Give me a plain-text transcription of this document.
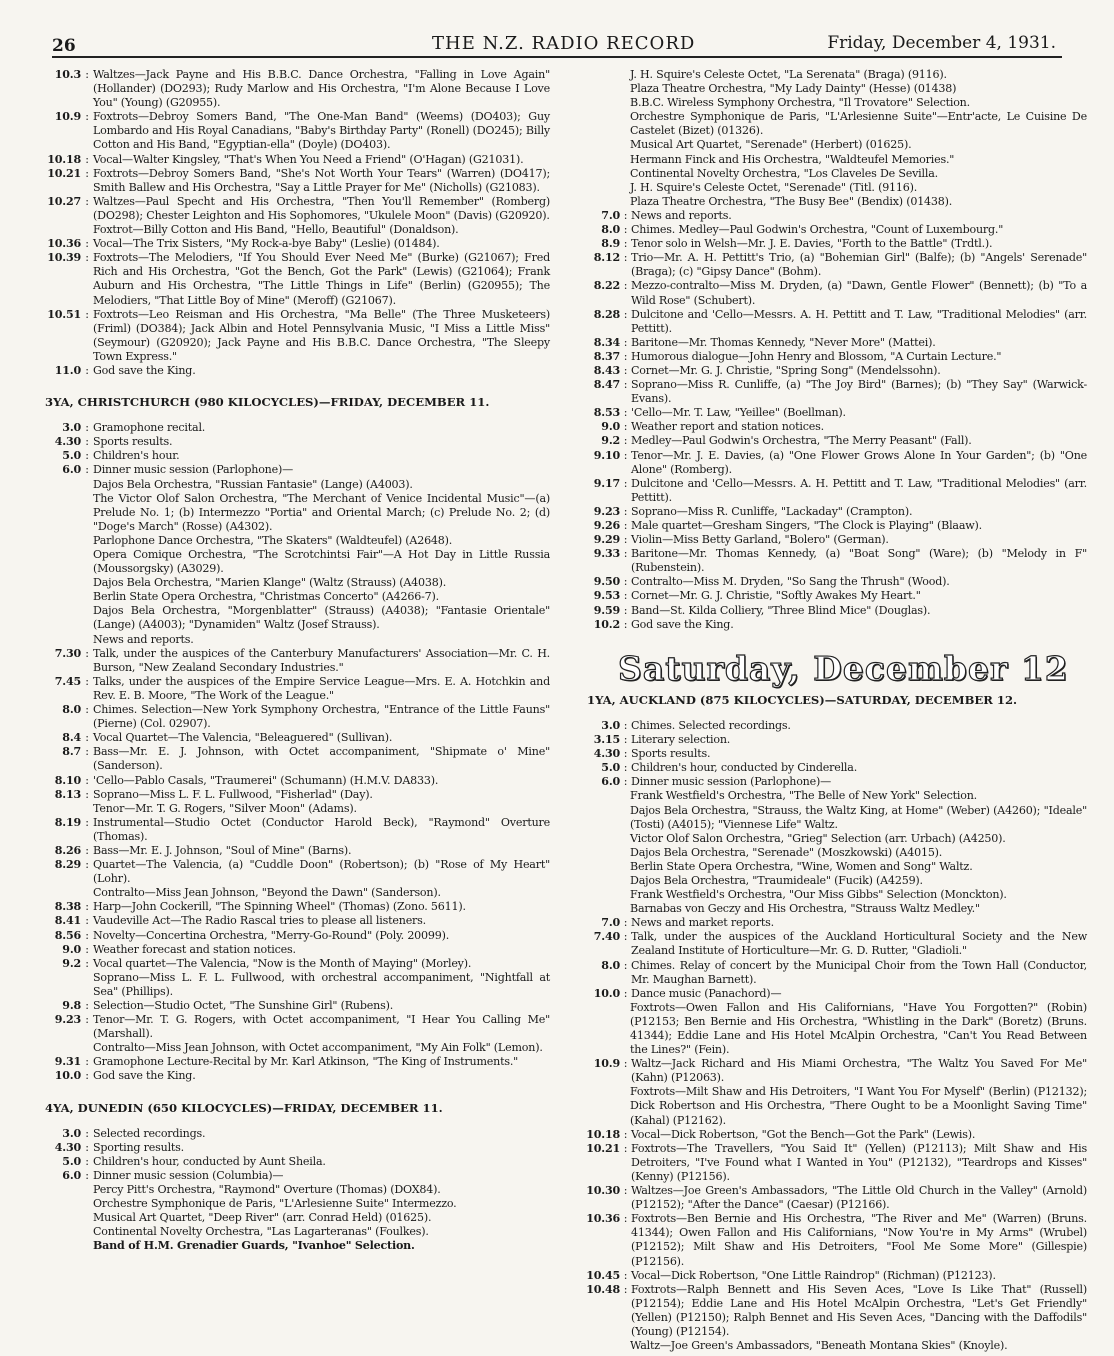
26	THE N.Z. RADIO RECORD	Friday, December 4, 1931.
10.3 : Waltzes—Jack Payne and His B.B.C. Dance Orchestra, "Falling in Love Again" (Hollander) (DO293); Rudy Marlow and His Orchestra, "I'm Alone Because I Love You" (Young) (G20955).
10.9 : Foxtrots—Debroy Somers Band, "The One-Man Band" (Weems) (DO403); Guy Lombardo and His Royal Canadians, "Baby's Birthday Party" (Ronell) (DO245); Billy Cotton and His Band, "Egyptian-ella" (Doyle) (DO403).
10.18 : Vocal—Walter Kingsley, "That's When You Need a Friend" (O'Hagan) (G21031).
10.21 : Foxtrots—Debroy Somers Band, "She's Not Worth Your Tears" (Warren) (DO417); Smith Ballew and His Orchestra, "Say a Little Prayer for Me" (Nicholls) (G21083).
10.27 : Waltzes—Paul Specht and His Orchestra, "Then You'll Remember" (Romberg) (DO298); Chester Leighton and His Sophomores, "Ukulele Moon" (Davis) (G20920).
Foxtrot—Billy Cotton and His Band, "Hello, Beautiful" (Donaldson).
10.36 : Vocal—The Trix Sisters, "My Rock-a-bye Baby" (Leslie) (01484).
10.39 : Foxtrots—The Melodiers, "If You Should Ever Need Me" (Burke) (G21067); Fred Rich and His Orchestra, "Got the Bench, Got the Park" (Lewis) (G21064); Frank Auburn and His Orchestra, "The Little Things in Life" (Berlin) (G20955); The Melodiers, "That Little Boy of Mine" (Meroff) (G21067).
10.51 : Foxtrots—Leo Reisman and His Orchestra, "Ma Belle" (The Three Musketeers) (Friml) (DO384); Jack Albin and Hotel Pennsylvania Music, "I Miss a Little Miss" (Seymour) (G20920); Jack Payne and His B.B.C. Dance Orchestra, "The Sleepy Town Express."
11.0 : God save the King.
3YA, CHRISTCHURCH (980 KILOCYCLES)—FRIDAY, DECEMBER 11.
3.0 : Gramophone recital.
4.30 : Sports results.
5.0 : Children's hour.
6.0 : Dinner music session (Parlophone)—
Dajos Bela Orchestra, "Russian Fantasie" (Lange) (A4003).
The Victor Olof Salon Orchestra, "The Merchant of Venice Incidental Music"—(a) Prelude No. 1; (b) Intermezzo "Portia" and Oriental March; (c) Prelude No. 2; (d) "Doge's March" (Rosse) (A4302).
Parlophone Dance Orchestra, "The Skaters" (Waldteufel) (A2648).
Opera Comique Orchestra, "The Scrotchintsi Fair"—A Hot Day in Little Russia (Moussorgsky) (A3029).
Dajos Bela Orchestra, "Marien Klange" (Waltz (Strauss) (A4038).
Berlin State Opera Orchestra, "Christmas Concerto" (A4266-7).
Dajos Bela Orchestra, "Morgenblatter" (Strauss) (A4038); "Fantasie Orientale" (Lange) (A4003); "Dynamiden" Waltz (Josef Strauss).
News and reports.
7.30 : Talk, under the auspices of the Canterbury Manufacturers' Association—Mr. C. H. Burson, "New Zealand Secondary Industries."
7.45 : Talks, under the auspices of the Empire Service League—Mrs. E. A. Hotchkin and Rev. E. B. Moore, "The Work of the League."
8.0 : Chimes. Selection—New York Symphony Orchestra, "Entrance of the Little Fauns" (Pierne) (Col. 02907).
8.4 : Vocal Quartet—The Valencia, "Beleaguered" (Sullivan).
8.7 : Bass—Mr. E. J. Johnson, with Octet accompaniment, "Shipmate o' Mine" (Sanderson).
8.10 : 'Cello—Pablo Casals, "Traumerei" (Schumann) (H.M.V. DA833).
8.13 : Soprano—Miss L. F. L. Fullwood, "Fisherlad" (Day).
Tenor—Mr. T. G. Rogers, "Silver Moon" (Adams).
8.19 : Instrumental—Studio Octet (Conductor Harold Beck), "Raymond" Overture (Thomas).
8.26 : Bass—Mr. E. J. Johnson, "Soul of Mine" (Barns).
8.29 : Quartet—The Valencia, (a) "Cuddle Doon" (Robertson); (b) "Rose of My Heart" (Lohr).
Contralto—Miss Jean Johnson, "Beyond the Dawn" (Sanderson).
8.38 : Harp—John Cockerill, "The Spinning Wheel" (Thomas) (Zono. 5611).
8.41 : Vaudeville Act—The Radio Rascal tries to please all listeners.
8.56 : Novelty—Concertina Orchestra, "Merry-Go-Round" (Poly. 20099).
9.0 : Weather forecast and station notices.
9.2 : Vocal quartet—The Valencia, "Now is the Month of Maying" (Morley).
Soprano—Miss L. F. L. Fullwood, with orchestral accompaniment, "Nightfall at Sea" (Phillips).
9.8 : Selection—Studio Octet, "The Sunshine Girl" (Rubens).
9.23 : Tenor—Mr. T. G. Rogers, with Octet accompaniment, "I Hear You Calling Me" (Marshall).
Contralto—Miss Jean Johnson, with Octet accompaniment, "My Ain Folk" (Lemon).
9.31 : Gramophone Lecture-Recital by Mr. Karl Atkinson, "The King of Instruments."
10.0 : God save the King.
4YA, DUNEDIN (650 KILOCYCLES)—FRIDAY, DECEMBER 11.
3.0 : Selected recordings.
4.30 : Sporting results.
5.0 : Children's hour, conducted by Aunt Sheila.
6.0 : Dinner music session (Columbia)—
Percy Pitt's Orchestra, "Raymond" Overture (Thomas) (DOX84).
Orchestre Symphonique de Paris, "L'Arlesienne Suite" Intermezzo.
Musical Art Quartet, "Deep River" (arr. Conrad Held) (01625).
Continental Novelty Orchestra, "Las Lagarteranas" (Foulkes).
Band of H.M. Grenadier Guards, "Ivanhoe" Selection.
J. H. Squire's Celeste Octet, "La Serenata" (Braga) (9116).
Plaza Theatre Orchestra, "My Lady Dainty" (Hesse) (01438)
B.B.C. Wireless Symphony Orchestra, "Il Trovatore" Selection.
Orchestre Symphonique de Paris, "L'Arlesienne Suite"—Entr'acte, Le Cuisine De Castelet (Bizet) (01326).
Musical Art Quartet, "Serenade" (Herbert) (01625).
Hermann Finck and His Orchestra, "Waldteufel Memories."
Continental Novelty Orchestra, "Los Claveles De Sevilla.
J. H. Squire's Celeste Octet, "Serenade" (Titl. (9116).
Plaza Theatre Orchestra, "The Busy Bee" (Bendix) (01438).
7.0 : News and reports.
8.0 : Chimes. Medley—Paul Godwin's Orchestra, "Count of Luxembourg."
8.9 : Tenor solo in Welsh—Mr. J. E. Davies, "Forth to the Battle" (Trdtl.).
8.12 : Trio—Mr. A. H. Pettitt's Trio, (a) "Bohemian Girl" (Balfe); (b) "Angels' Serenade" (Braga); (c) "Gipsy Dance" (Bohm).
8.22 : Mezzo-contralto—Miss M. Dryden, (a) "Dawn, Gentle Flower" (Bennett); (b) "To a Wild Rose" (Schubert).
8.28 : Dulcitone and 'Cello—Messrs. A. H. Pettitt and T. Law, "Traditional Melodies" (arr. Pettitt).
8.34 : Baritone—Mr. Thomas Kennedy, "Never More" (Mattei).
8.37 : Humorous dialogue—John Henry and Blossom, "A Curtain Lecture."
8.43 : Cornet—Mr. G. J. Christie, "Spring Song" (Mendelssohn).
8.47 : Soprano—Miss R. Cunliffe, (a) "The Joy Bird" (Barnes); (b) "They Say" (Warwick-Evans).
8.53 : 'Cello—Mr. T. Law, "Yeillee" (Boellman).
9.0 : Weather report and station notices.
9.2 : Medley—Paul Godwin's Orchestra, "The Merry Peasant" (Fall).
9.10 : Tenor—Mr. J. E. Davies, (a) "One Flower Grows Alone In Your Garden"; (b) "One Alone" (Romberg).
9.17 : Dulcitone and 'Cello—Messrs. A. H. Pettitt and T. Law, "Traditional Melodies" (arr. Pettitt).
9.23 : Soprano—Miss R. Cunliffe, "Lackaday" (Crampton).
9.26 : Male quartet—Gresham Singers, "The Clock is Playing" (Blaaw).
9.29 : Violin—Miss Betty Garland, "Bolero" (German).
9.33 : Baritone—Mr. Thomas Kennedy, (a) "Boat Song" (Ware); (b) "Melody in F" (Rubenstein).
9.50 : Contralto—Miss M. Dryden, "So Sang the Thrush" (Wood).
9.53 : Cornet—Mr. G. J. Christie, "Softly Awakes My Heart."
9.59 : Band—St. Kilda Colliery, "Three Blind Mice" (Douglas).
10.2 : God save the King.
Saturday, December 12
1YA, AUCKLAND (875 KILOCYCLES)—SATURDAY, DECEMBER 12.
3.0 : Chimes. Selected recordings.
3.15 : Literary selection.
4.30 : Sports results.
5.0 : Children's hour, conducted by Cinderella.
6.0 : Dinner music session (Parlophone)—
Frank Westfield's Orchestra, "The Belle of New York" Selection.
Dajos Bela Orchestra, "Strauss, the Waltz King, at Home" (Weber) (A4260); "Ideale" (Tosti) (A4015); "Viennese Life" Waltz.
Victor Olof Salon Orchestra, "Grieg" Selection (arr. Urbach) (A4250).
Dajos Bela Orchestra, "Serenade" (Moszkowski) (A4015).
Berlin State Opera Orchestra, "Wine, Women and Song" Waltz.
Dajos Bela Orchestra, "Traumideale" (Fucik) (A4259).
Frank Westfield's Orchestra, "Our Miss Gibbs" Selection (Monckton).
Barnabas von Geczy and His Orchestra, "Strauss Waltz Medley."
7.0 : News and market reports.
7.40 : Talk, under the auspices of the Auckland Horticultural Society and the New Zealand Institute of Horticulture—Mr. G. D. Rutter, "Gladioli."
8.0 : Chimes. Relay of concert by the Municipal Choir from the Town Hall (Conductor, Mr. Maughan Barnett).
10.0 : Dance music (Panachord)—
Foxtrots—Owen Fallon and His Californians, "Have You Forgotten?" (Robin) (P12153; Ben Bernie and His Orchestra, "Whistling in the Dark" (Boretz) (Bruns. 41344); Eddie Lane and His Hotel McAlpin Orchestra, "Can't You Read Between the Lines?" (Fein).
10.9 : Waltz—Jack Richard and His Miami Orchestra, "The Waltz You Saved For Me" (Kahn) (P12063).
Foxtrots—Milt Shaw and His Detroiters, "I Want You For Myself" (Berlin) (P12132); Dick Robertson and His Orchestra, "There Ought to be a Moonlight Saving Time" (Kahal) (P12162).
10.18 : Vocal—Dick Robertson, "Got the Bench—Got the Park" (Lewis).
10.21 : Foxtrots—The Travellers, "You Said It" (Yellen) (P12113); Milt Shaw and His Detroiters, "I've Found what I Wanted in You" (P12132), "Teardrops and Kisses" (Kenny) (P12156).
10.30 : Waltzes—Joe Green's Ambassadors, "The Little Old Church in the Valley" (Arnold) (P12152); "After the Dance" (Caesar) (P12166).
10.36 : Foxtrots—Ben Bernie and His Orchestra, "The River and Me" (Warren) (Bruns. 41344); Owen Fallon and His Californians, "Now You're in My Arms" (Wrubel) (P12152); Milt Shaw and His Detroiters, "Fool Me Some More" (Gillespie) (P12156).
10.45 : Vocal—Dick Robertson, "One Little Raindrop" (Richman) (P12123).
10.48 : Foxtrots—Ralph Bennett and His Seven Aces, "Love Is Like That" (Russell) (P12154); Eddie Lane and His Hotel McAlpin Orchestra, "Let's Get Friendly" (Yellen) (P12150); Ralph Bennet and His Seven Aces, "Dancing with the Daffodils" (Young) (P12154).
Waltz—Joe Green's Ambassadors, "Beneath Montana Skies" (Knoyle).
